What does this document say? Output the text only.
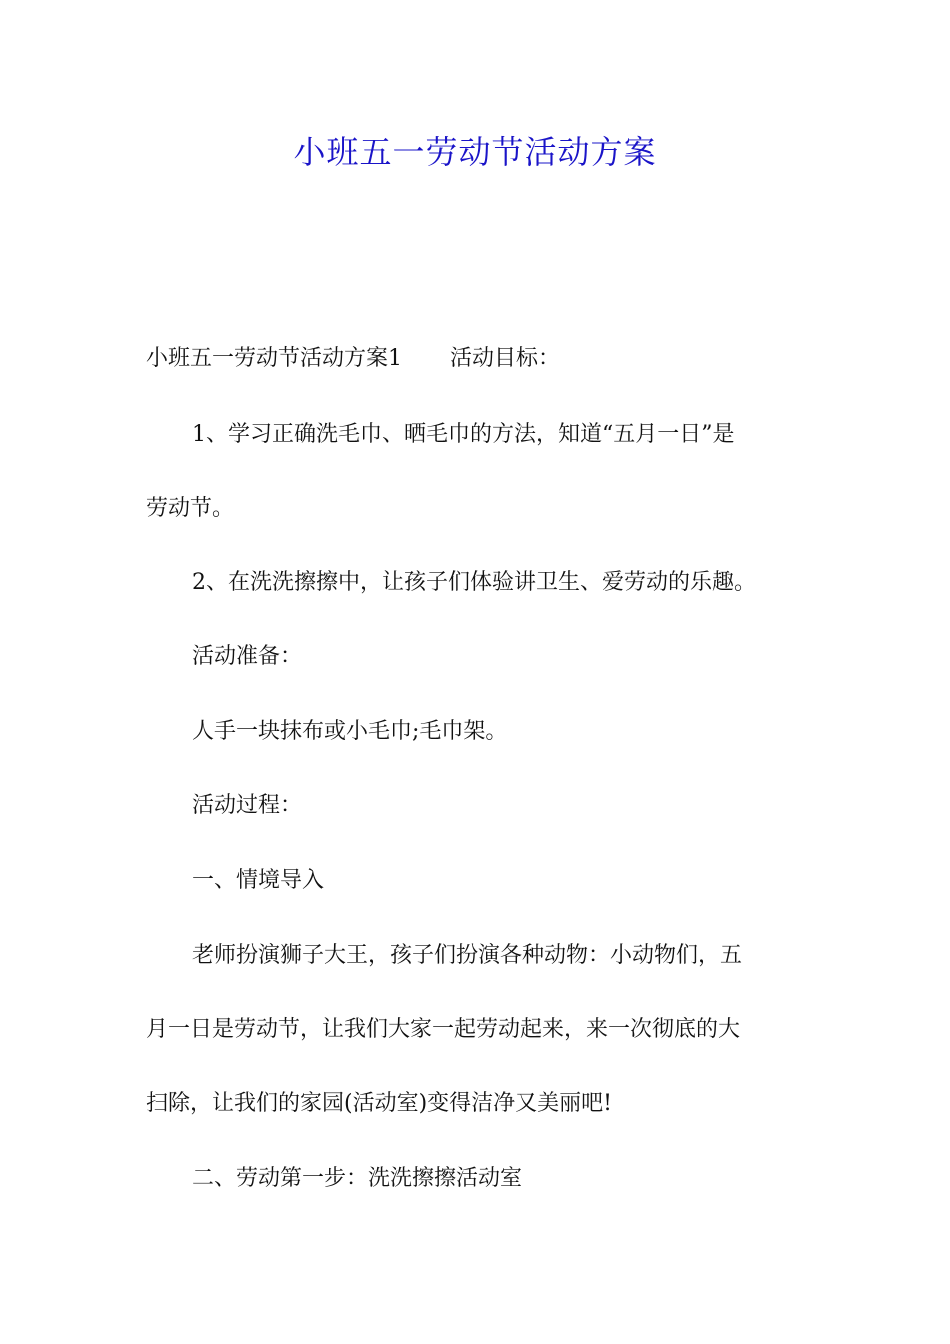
小班五一劳动节活动方案

小班五一劳动节活动方案1 活动目标：

1、学习正确洗毛巾、晒毛巾的方法，知道“五月一日”是

劳动节。

2、在洗洗擦擦中，让孩子们体验讲卫生、爱劳动的乐趣。

活动准备：

人手一块抹布或小毛巾;毛巾架。

活动过程：

一、情境导入

老师扮演狮子大王，孩子们扮演各种动物：小动物们，五

月一日是劳动节，让我们大家一起劳动起来，来一次彻底的大

扫除，让我们的家园(活动室)变得洁净又美丽吧!

二、劳动第一步：洗洗擦擦活动室
